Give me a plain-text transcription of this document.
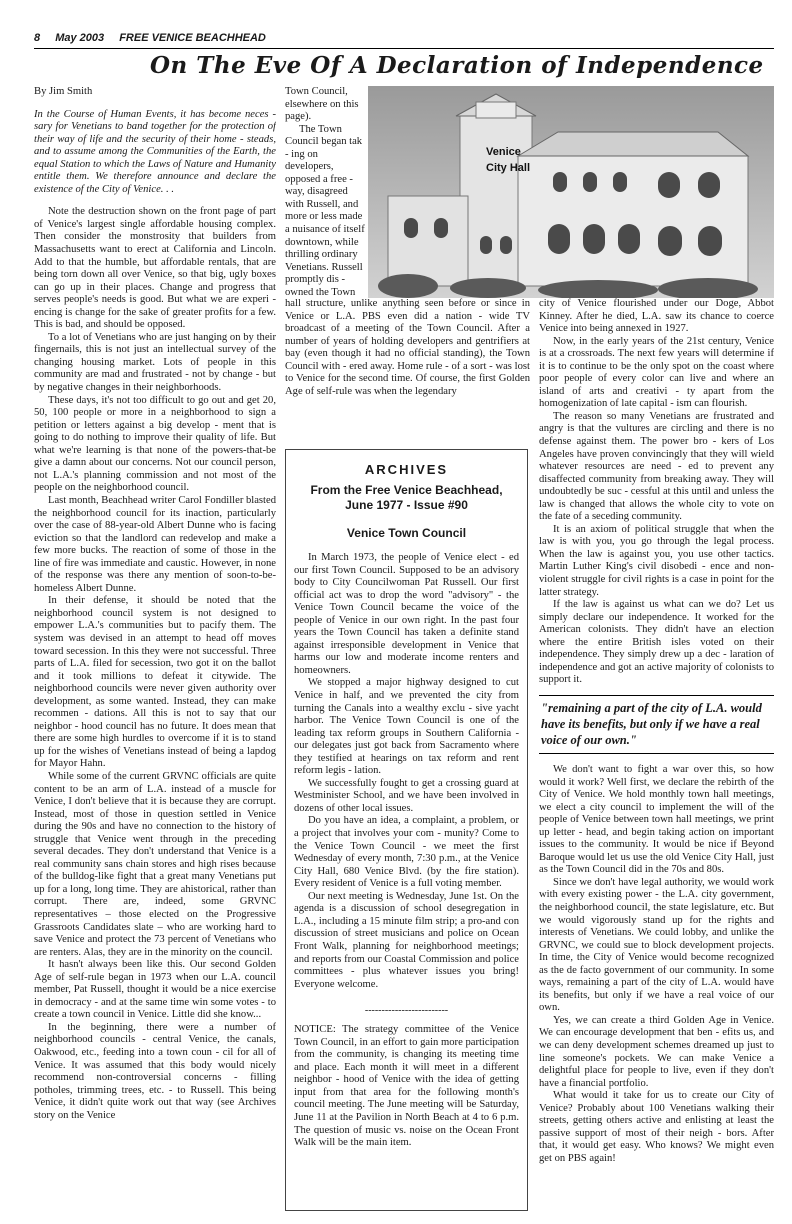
8 May 2003 FREE VENICE BEACHHEAD
On The Eve Of A Declaration of Independence
By Jim Smith
In the Course of Human Events, it has become neces - sary for Venetians to band together for the protection of their way of life and the security of their home - steads, and to assume among the Communities of the Earth, the equal Station to which the Laws of Nature and Humanity entitle them. We therefore announce and declare the existence of the City of Venice. . .

Note the destruction shown on the front page of part of Venice's largest single affordable housing complex. Then consider the monstrosity that builders from Massachusetts want to erect at California and Lincoln. Add to that the humble, but affordable rentals, that are being torn down all over Venice, so that big, ugly boxes can go up in their places. Change and progress that serves people's needs is good. But what we are experi - encing is change for the sake of greater profits for a few. This is bad, and should be opposed.

To a lot of Venetians who are just hanging on by their fingernails, this is not just an intellectual survey of the changing housing market. Lots of people in this community are mad and frustrated - not by change - but by negative changes in their neighborhoods.

These days, it's not too difficult to go out and get 20, 50, 100 people or more in a neighborhood to sign a petition or letters against a big develop - ment that is going to do nothing to improve their quality of life. But what we're learning is that none of the powers-that-be give a damn about our concerns. Not our council person, not L.A.'s planning commission and not most of the people on the neighborhood council.

Last month, Beachhead writer Carol Fondiller blasted the neighborhood council for its inaction, particularly over the case of 88-year-old Albert Dunne who is facing eviction so that the landlord can redevelop and make a few more bucks. The reaction of some of those in the line of fire was immediate and caustic. However, in none of the response was there any mention of soon-to-be-homeless Albert Dunne.

In their defense, it should be noted that the neighborhood council system is not designed to empower L.A.'s communities but to pacify them. The system was devised in an attempt to head off moves toward secession. In this they were not successful. Three parts of L.A. filed for secession, two got it on the ballot and it took millions to defeat it citywide. The neighborhood councils were never given authority over development, as some wanted. Instead, they can make recommen - dations. All this is not to say that our neighbor - hood council has no future. It does mean that there are some high hurdles to overcome if it is to stand up for the wishes of Venetians instead of being a lapdog for Mayor Hahn.

While some of the current GRVNC officials are quite content to be an arm of L.A. instead of a muscle for Venice, I don't believe that it is because they are corrupt. Instead, most of those in question settled in Venice during the 90s and have no connection to the history of struggle that Venice went through in the preceding several decades. They don't understand that Venice is a real community sans chain stores and high rises because of the bulldog-like fight that a great many Venetians put up for a long, long time. They are ahistorical, rather than corrupt. There are, indeed, some GRVNC representatives – those elected on the Progressive Grassroots Candidates slate – who are working hard to save Venice and protect the 73 percent of Venetians who are renters. Alas, they are in the minority on the council.

It hasn't always been like this. Our second Golden Age of self-rule began in 1973 when our L.A. council member, Pat Russell, thought it would be a nice exercise in democracy - and at the same time win some votes - to create a town council in Venice. Little did she know...

In the beginning, there were a number of neighborhood councils - central Venice, the canals, Oakwood, etc., feeding into a town coun - cil for all of Venice. It was assumed that this body would nicely recommend non-controversial concerns - filling potholes, trimming trees, etc. - to Russell. This being Venice, it didn't quite work out that way (see Archives story on the Venice

Town Council, elsewhere on this page).

The Town Council began tak - ing on developers, opposed a free - way, disagreed with Russell, and more or less made a nuisance of itself downtown, while thrilling ordinary Venetians. Russell promptly dis - owned the Town

Venice
City Hall

hall structure, unlike anything seen before or since in Venice or L.A. PBS even did a nation - wide TV broadcast of a meeting of the Town Council. After a number of years of holding developers and gentrifiers at bay (even though it had no official standing), the Town Council with - ered away. Home rule - of a sort - was lost to Venice for the second time. Of course, the first Golden Age of self-rule was when the legendary

ARCHIVES
From the Free Venice Beachhead,
June 1977 - Issue #90
Venice Town Council

In March 1973, the people of Venice elect - ed our first Town Council. Supposed to be an advisory body to City Councilwoman Pat Russell. Our first official act was to drop the word "advisory" - the Venice Town Council became the voice of the people of Venice in our own right. In the past four years the Town Council has taken a definite stand against irresponsible development in Venice that harms our low and moderate income renters and homeowners.

We stopped a major highway designed to cut Venice in half, and we prevented the city from turning the Canals into a wealthy exclu - sive yacht harbor. The Venice Town Council is one of the leading tax reform groups in Southern California - our delegates just got back from Sacramento where they testified at hearings on tax reform and rent reform legis - lation.

We successfully fought to get a crossing guard at Westminister School, and we have been involved in dozens of other local issues.

Do you have an idea, a complaint, a problem, or a project that involves your com - munity? Come to the Venice Town Council - we meet the first Wednesday of every month, 7:30 p.m., at the Venice City Hall, 680 Venice Blvd. (by the fire station). Every resident of Venice is a full voting member.

Our next meeting is Wednesday, June 1st. On the agenda is a discussion of school desegregation in L.A., including a 15 minute film strip; a pro-and con discussion of street musicians and police on Ocean Front Walk, planning for neighborhood meetings; and reports from our Coastal Commission and police committees - plus whatever issues you bring! Everyone welcome.

-------------------------

NOTICE: The strategy committee of the Venice Town Council, in an effort to gain more participation from the community, is changing its meeting time and place. Each month it will meet in a different neighbor - hood of Venice with the idea of getting input from that area for the following month's council meeting. The June meeting will be Saturday, June 11 at the Pavilion in North Beach at 4 to 6 p.m. The question of music vs. noise on the Ocean Front Walk will be the main item.

city of Venice flourished under our Doge, Abbot Kinney. After he died, L.A. saw its chance to coerce Venice into being annexed in 1927.

Now, in the early years of the 21st century, Venice is at a crossroads. The next few years will determine if it is to continue to be the only spot on the coast where poor people of every color can live and where an island of arts and creativi - ty apart from the homogenization of late capital - ism can flourish.

The reason so many Venetians are frustrated and angry is that the vultures are circling and there is no defense against them. The power bro - kers of Los Angeles have proven convincingly that they will wield whatever resources are need - ed to prevent any disaffected community from breaking away. They will undoubtedly be suc - cessful at this until and unless the law is changed that allows the whole city to vote on the fate of a seceding community.

It is an axiom of political struggle that when the law is with you, you go through the legal process. When the law is against you, you use other tactics. Martin Luther King's civil disobedi - ence and non-violent struggle for civil rights is a case in point for the latter strategy.

If the law is against us what can we do? Let us simply declare our independence. It worked for the American colonists. They didn't have an election where the entire British isles voted on their independence. They simply drew up a dec - laration of independence and got an active majority of colonists to support it.

"remaining a part of the city of L.A. would have its benefits, but only if we have a real voice of our own."

We don't want to fight a war over this, so how would it work? Well first, we declare the rebirth of the City of Venice. We hold monthly town hall meetings, we elect a city council to implement the will of the people of Venice between town hall meetings, we print up letter - head, and begin taking action on important issues to the community. It would be nice if Beyond Baroque would let us use the old Venice City Hall, just as the Town Council did in the 70s and 80s.

Since we don't have legal authority, we would work with every existing power - the L.A. city government, the neighborhood council, the state legislature, etc. But we would vigorously stand up for the rights and interests of Venetians. We could lobby, and unlike the GRVNC, we could sue to block development projects. In time, the City of Venice would become recognized as the de facto government of our community. In some ways, remaining a part of the city of L.A. would have its benefits, but only if we have a real voice of our own.

Yes, we can create a third Golden Age in Venice. We can encourage development that ben - efits us, and we can deny development schemes dreamed up just to line someone's pockets. We can make Venice a delightful place for people to live, even if they don't have a financial portfolio.

What would it take for us to create our City of Venice? Probably about 100 Venetians walking their streets, getting others active and enlisting at least the passive support of most of their neigh - bors. After that, it would get easy. Who knows? We might even get on PBS again!
